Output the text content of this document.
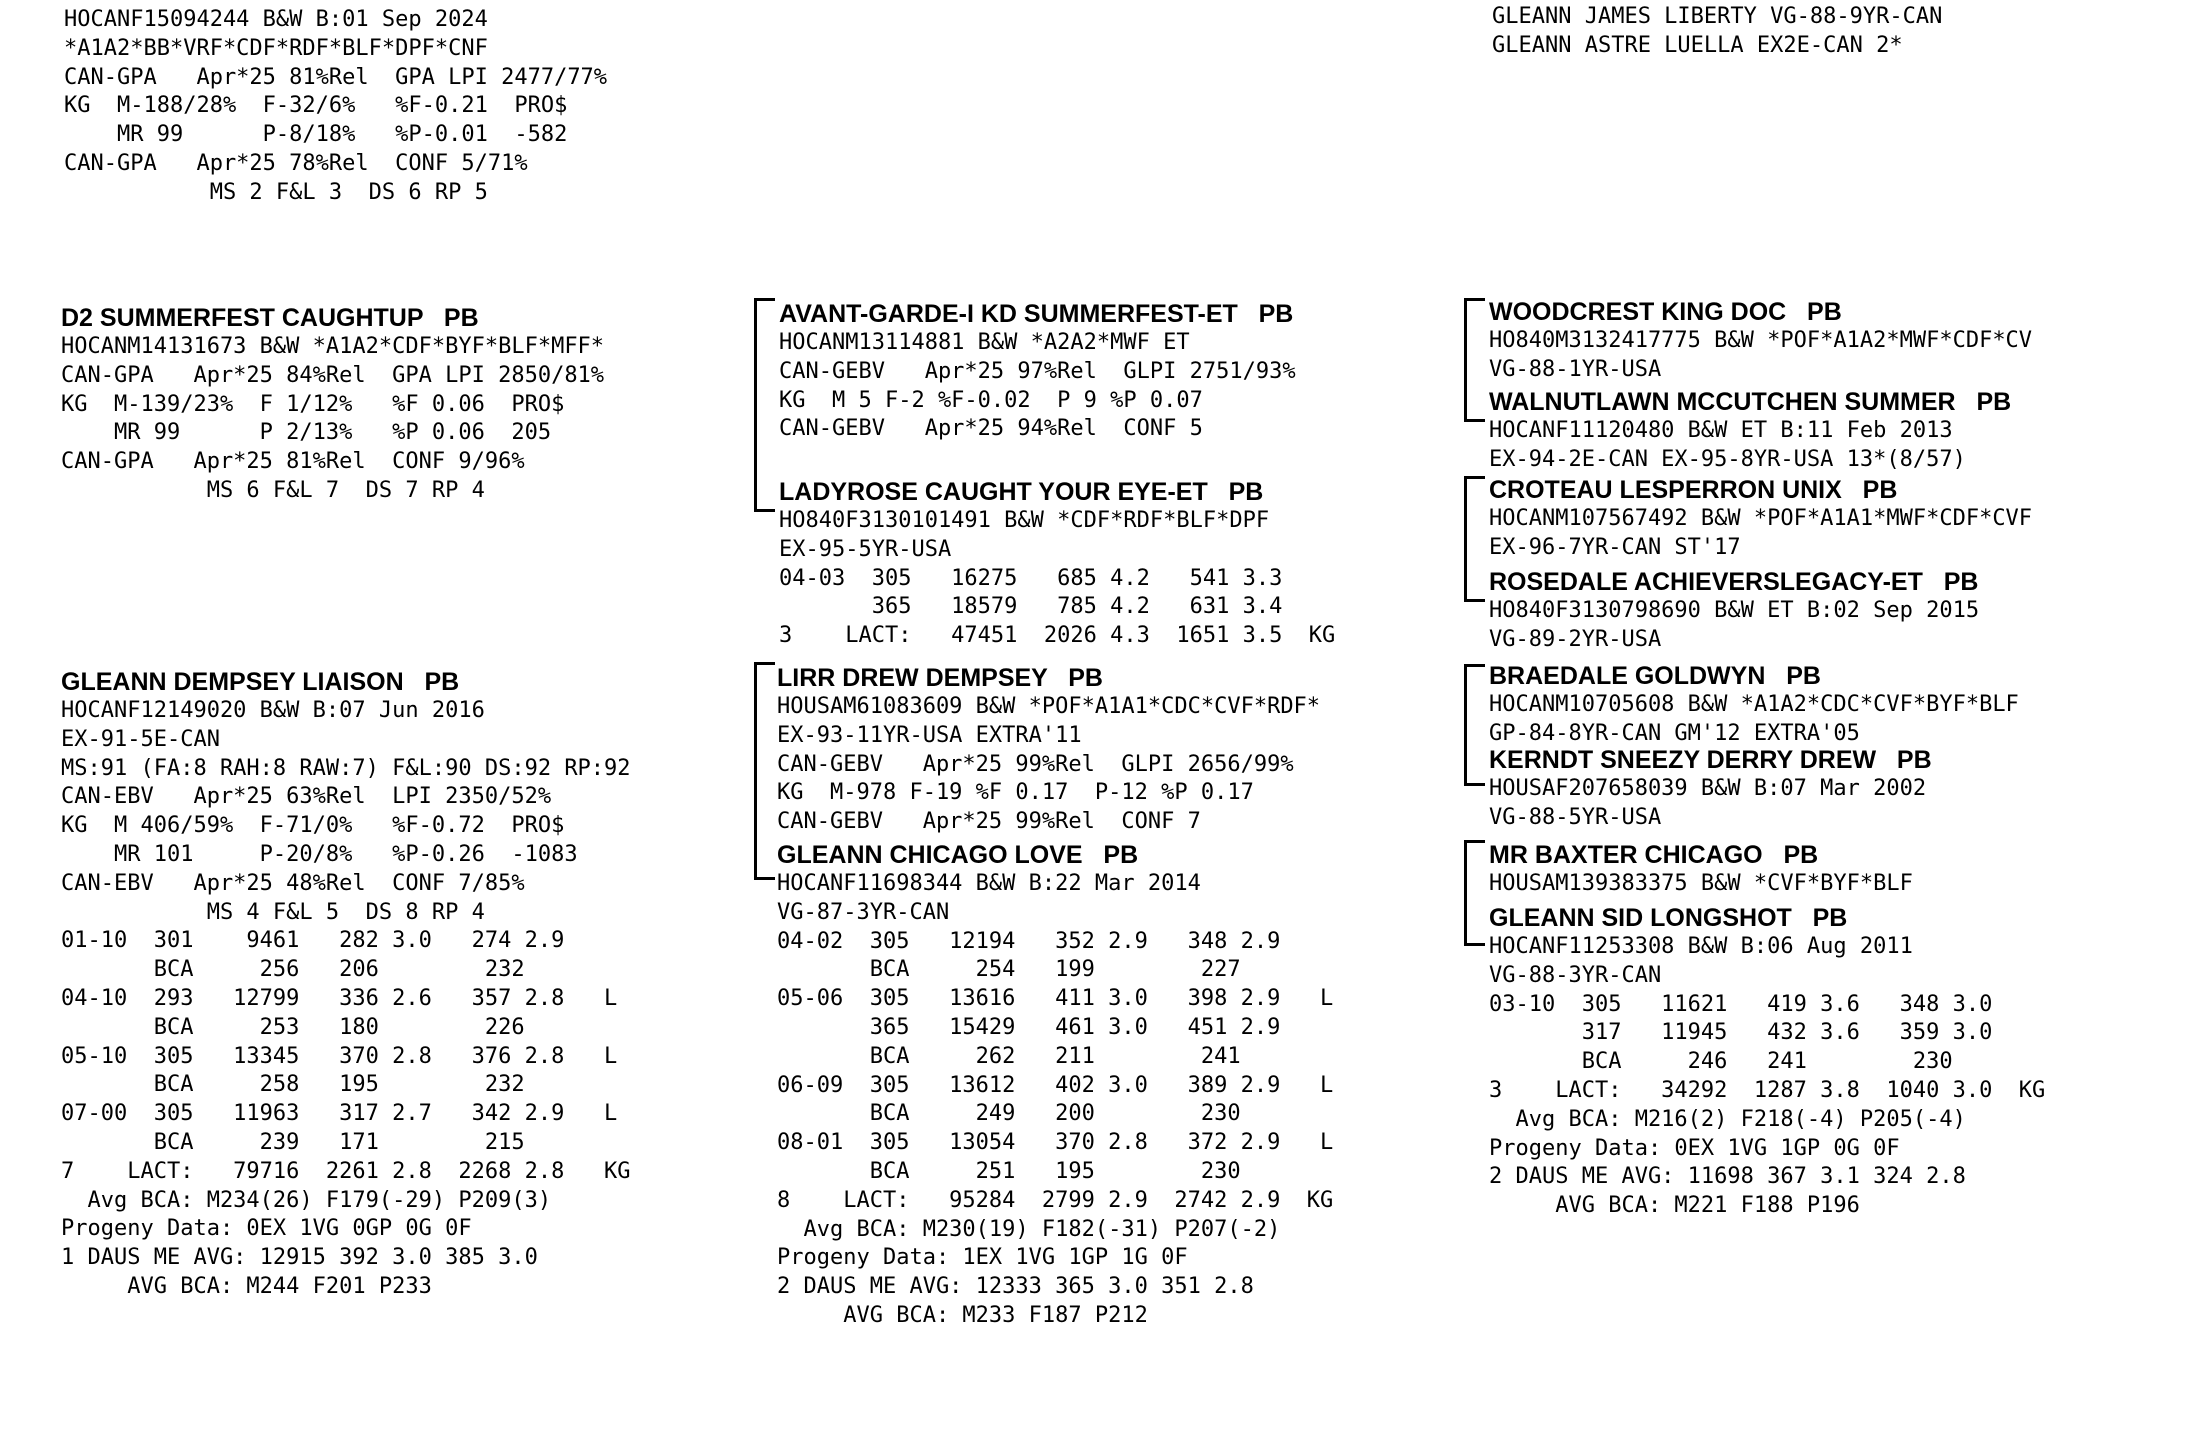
HOCANF15094244 B&W B:01 Sep 2024
*A1A2*BB*VRF*CDF*RDF*BLF*DPF*CNF
CAN-GPA   Apr*25 81%Rel  GPA LPI 2477/77%
KG  M-188/28%  F-32/6%   %F-0.21  PRO$
MR 99      P-8/18%   %P-0.01  -582
CAN-GPA   Apr*25 78%Rel  CONF 5/71%
MS 2 F&L 3  DS 6 RP 5
GLEANN JAMES LIBERTY VG-88-9YR-CAN
GLEANN ASTRE LUELLA EX2E-CAN 2*
D2 SUMMERFEST CAUGHTUP   PB
HOCANM14131673 B&W *A1A2*CDF*BYF*BLF*MFF*
CAN-GPA   Apr*25 84%Rel  GPA LPI 2850/81%
KG  M-139/23%  F 1/12%   %F 0.06  PRO$
MR 99      P 2/13%   %P 0.06  205
CAN-GPA   Apr*25 81%Rel  CONF 9/96%
MS 6 F&L 7  DS 7 RP 4
GLEANN DEMPSEY LIAISON   PB
HOCANF12149020 B&W B:07 Jun 2016
EX-91-5E-CAN
MS:91 (FA:8 RAH:8 RAW:7) F&L:90 DS:92 RP:92
CAN-EBV   Apr*25 63%Rel  LPI 2350/52%
KG  M 406/59%  F-71/0%   %F-0.72  PRO$
MR 101     P-20/8%   %P-0.26  -1083
CAN-EBV   Apr*25 48%Rel  CONF 7/85%
MS 4 F&L 5  DS 8 RP 4
01-10  301    9461   282 3.0   274 2.9
BCA     256   206        232
04-10  293   12799   336 2.6   357 2.8   L
BCA     253   180        226
05-10  305   13345   370 2.8   376 2.8   L
BCA     258   195        232
07-00  305   11963   317 2.7   342 2.9   L
BCA     239   171        215
7    LACT:   79716  2261 2.8  2268 2.8   KG
Avg BCA: M234(26) F179(-29) P209(3)
Progeny Data: 0EX 1VG 0GP 0G 0F
1 DAUS ME AVG: 12915 392 3.0 385 3.0
AVG BCA: M244 F201 P233
AVANT-GARDE-I KD SUMMERFEST-ET   PB
HOCANM13114881 B&W *A2A2*MWF ET
CAN-GEBV   Apr*25 97%Rel  GLPI 2751/93%
KG  M 5 F-2 %F-0.02  P 9 %P 0.07
CAN-GEBV   Apr*25 94%Rel  CONF 5
LADYROSE CAUGHT YOUR EYE-ET   PB
HO840F3130101491 B&W *CDF*RDF*BLF*DPF
EX-95-5YR-USA
04-03  305   16275   685 4.2   541 3.3
365   18579   785 4.2   631 3.4
3    LACT:   47451  2026 4.3  1651 3.5  KG
LIRR DREW DEMPSEY   PB
HOUSAM61083609 B&W *POF*A1A1*CDC*CVF*RDF*
EX-93-11YR-USA EXTRA'11
CAN-GEBV   Apr*25 99%Rel  GLPI 2656/99%
KG  M-978 F-19 %F 0.17  P-12 %P 0.17
CAN-GEBV   Apr*25 99%Rel  CONF 7
GLEANN CHICAGO LOVE   PB
HOCANF11698344 B&W B:22 Mar 2014
VG-87-3YR-CAN
04-02  305   12194   352 2.9   348 2.9
BCA     254   199        227
05-06  305   13616   411 3.0   398 2.9   L
365   15429   461 3.0   451 2.9
BCA     262   211        241
06-09  305   13612   402 3.0   389 2.9   L
BCA     249   200        230
08-01  305   13054   370 2.8   372 2.9   L
BCA     251   195        230
8    LACT:   95284  2799 2.9  2742 2.9  KG
Avg BCA: M230(19) F182(-31) P207(-2)
Progeny Data: 1EX 1VG 1GP 1G 0F
2 DAUS ME AVG: 12333 365 3.0 351 2.8
AVG BCA: M233 F187 P212
WOODCREST KING DOC   PB
HO840M3132417775 B&W *POF*A1A2*MWF*CDF*CV
VG-88-1YR-USA
WALNUTLAWN MCCUTCHEN SUMMER   PB
HOCANF11120480 B&W ET B:11 Feb 2013
EX-94-2E-CAN EX-95-8YR-USA 13*(8/57)
CROTEAU LESPERRON UNIX   PB
HOCANM107567492 B&W *POF*A1A1*MWF*CDF*CVF
EX-96-7YR-CAN ST'17
ROSEDALE ACHIEVERSLEGACY-ET   PB
HO840F3130798690 B&W ET B:02 Sep 2015
VG-89-2YR-USA
BRAEDALE GOLDWYN   PB
HOCANM10705608 B&W *A1A2*CDC*CVF*BYF*BLF
GP-84-8YR-CAN GM'12 EXTRA'05
KERNDT SNEEZY DERRY DREW   PB
HOUSAF207658039 B&W B:07 Mar 2002
VG-88-5YR-USA
MR BAXTER CHICAGO   PB
HOUSAM139383375 B&W *CVF*BYF*BLF
GLEANN SID LONGSHOT   PB
HOCANF11253308 B&W B:06 Aug 2011
VG-88-3YR-CAN
03-10  305   11621   419 3.6   348 3.0
317   11945   432 3.6   359 3.0
BCA     246   241        230
3    LACT:   34292  1287 3.8  1040 3.0  KG
Avg BCA: M216(2) F218(-4) P205(-4)
Progeny Data: 0EX 1VG 1GP 0G 0F
2 DAUS ME AVG: 11698 367 3.1 324 2.8
AVG BCA: M221 F188 P196
